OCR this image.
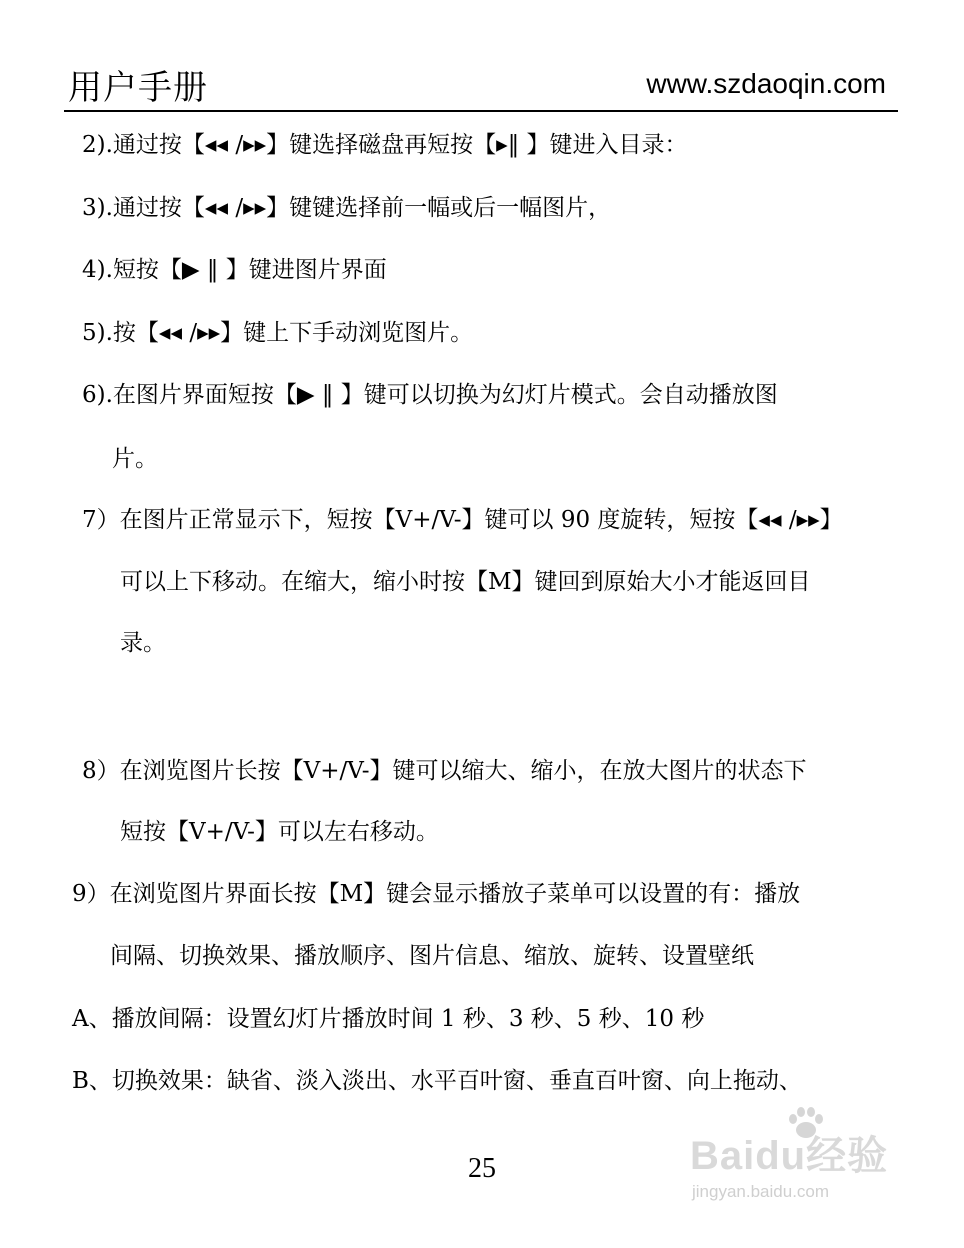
用户手册	www.szdaoqin.com
2).通过按【◂◂ /▸▸】键选择磁盘再短按【▸‖ 】键进入目录：
3).通过按【◂◂ /▸▸】键键选择前一幅或后一幅图片，
4).短按【▶ ‖ 】键进图片界面
5).按【◂◂ /▸▸】键上下手动浏览图片。
6).在图片界面短按【▶ ‖ 】键可以切换为幻灯片模式。会自动播放图
片。
7）在图片正常显示下，短按【V+/V-】键可以 90 度旋转，短按【◂◂ /▸▸】
可以上下移动。在缩大，缩小时按【M】键回到原始大小才能返回目
录。
8）在浏览图片长按【V+/V-】键可以缩大、缩小，在放大图片的状态下
短按【V+/V-】可以左右移动。
9）在浏览图片界面长按【M】键会显示播放子菜单可以设置的有：播放
间隔、切换效果、播放顺序、图片信息、缩放、旋转、设置壁纸
A、播放间隔：设置幻灯片播放时间 1 秒、3 秒、5 秒、10 秒
B、切换效果：缺省、淡入淡出、水平百叶窗、垂直百叶窗、向上拖动、
25	Baidu经验
jingyan.baidu.com
